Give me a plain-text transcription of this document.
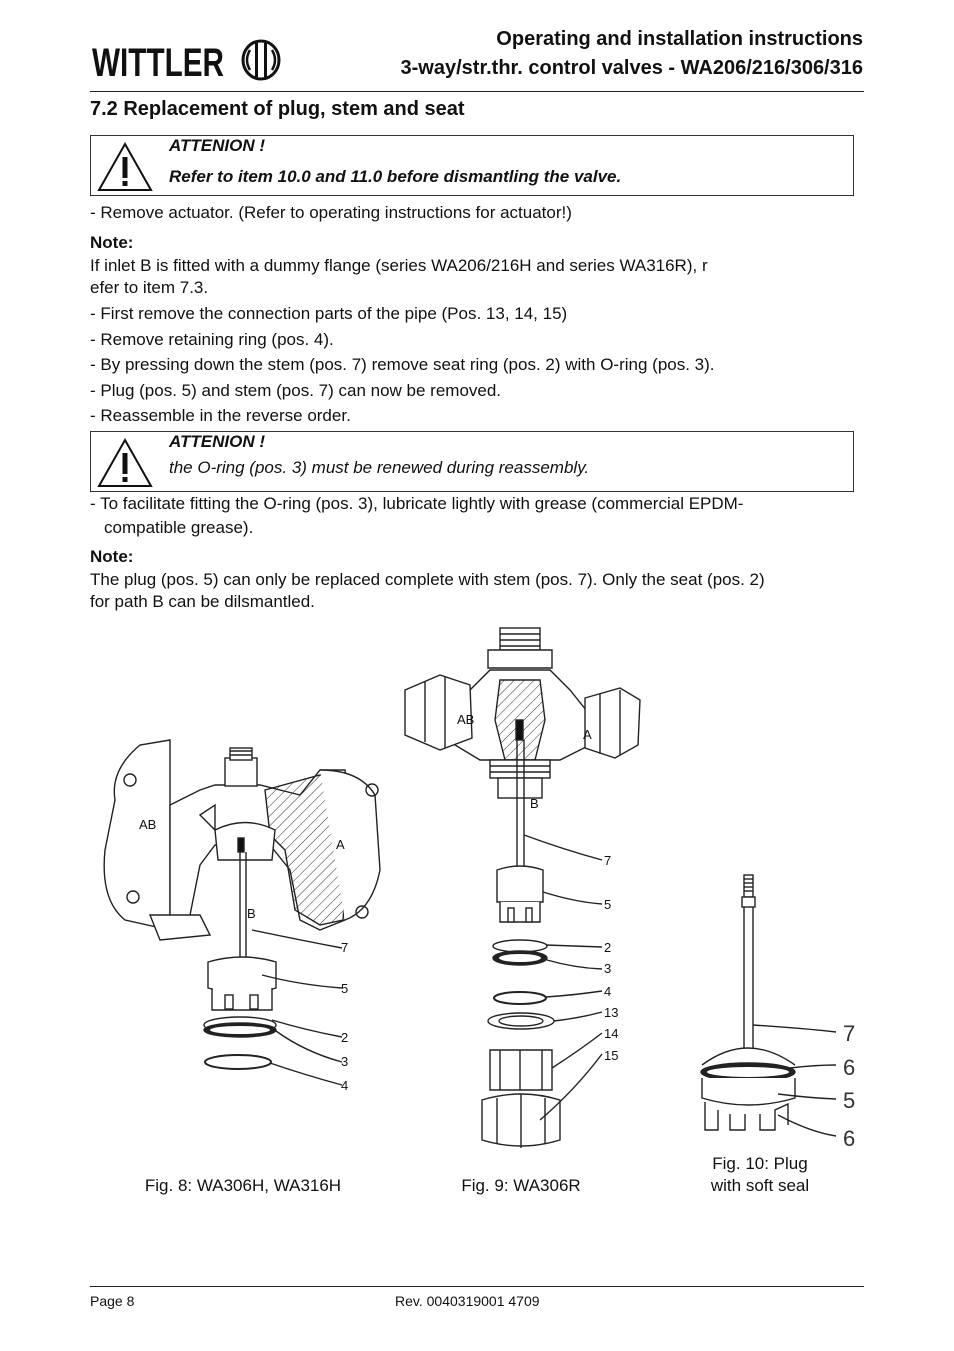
WITTLER
Operating and installation instructions
3-way/str.thr. control valves - WA206/216/306/316
7.2 Replacement of plug, stem and seat
ATTENION !
Refer to item 10.0 and 11.0 before dismantling the valve.
- Remove actuator. (Refer to operating instructions for actuator!)
Note:
If inlet B is fitted with a dummy flange (series WA206/216H and series WA316R), r
efer to item 7.3.
- First remove the connection parts of the pipe (Pos. 13, 14, 15)
- Remove retaining ring (pos. 4).
- By pressing down the stem (pos. 7) remove seat ring (pos. 2) with O-ring (pos. 3).
- Plug (pos. 5) and stem (pos. 7) can now be removed.
- Reassemble in the reverse order.
ATTENION !
the O-ring (pos. 3) must be renewed during reassembly.
- To facilitate fitting the O-ring (pos. 3), lubricate lightly with grease (commercial EPDM-
compatible grease).
Note:
The plug (pos. 5) can only be replaced complete with stem (pos. 7). Only the seat (pos. 2)
for path B can be dilsmantled.
AB
A
B
7
5
2
3
4
AB
A
B
7
5
2
3
4
13
14
15
7
6
5
6
Fig. 8: WA306H, WA316H	Fig. 9: WA306R
Fig. 10: Plug
with soft seal
Page 8	Rev. 0040319001 4709
